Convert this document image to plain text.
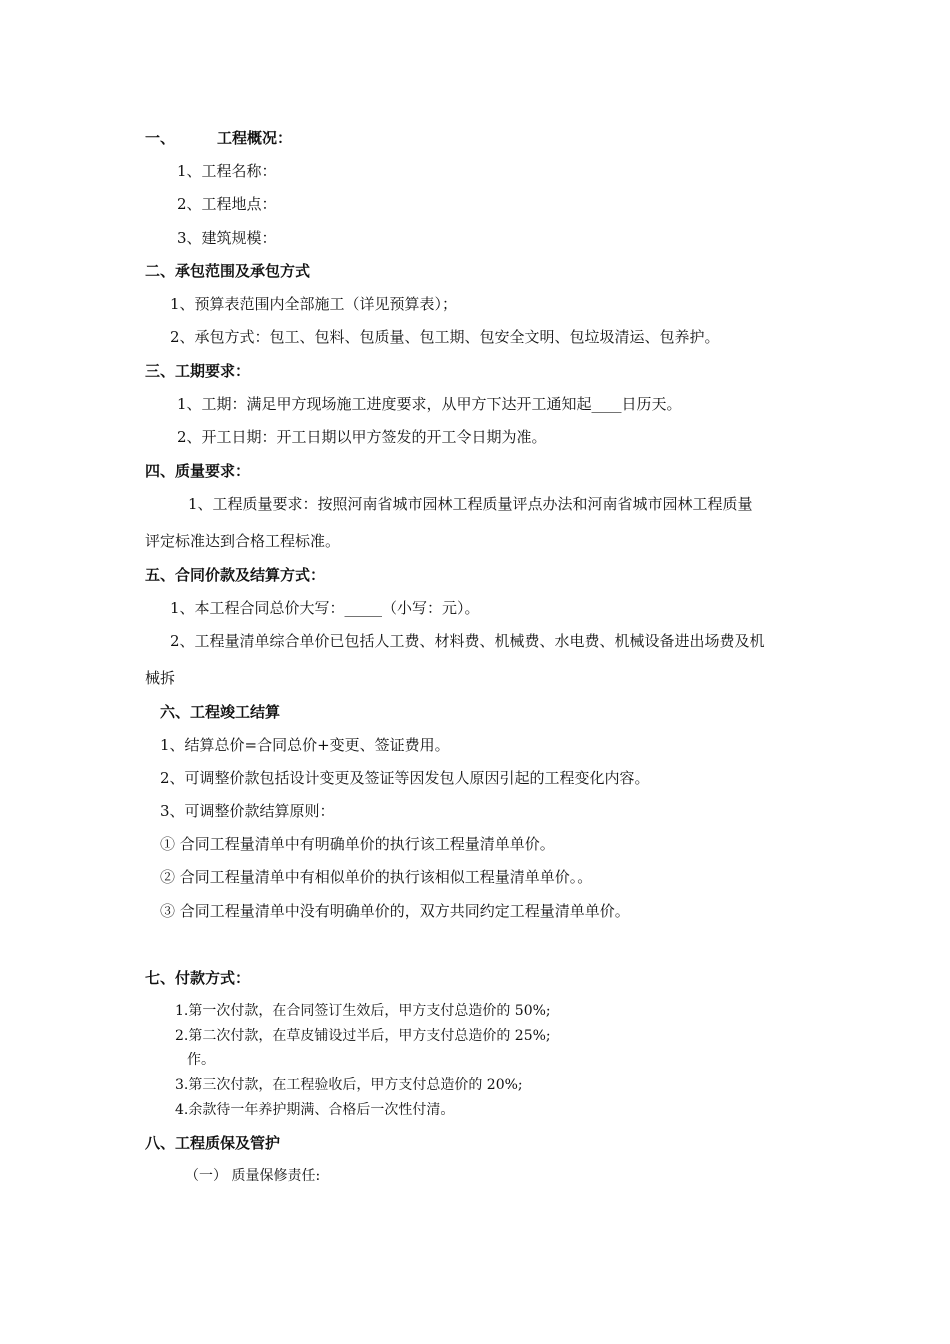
一、	工程概况：
1、工程名称：
2、工程地点：
3、建筑规模：
二、承包范围及承包方式
1、预算表范围内全部施工（详见预算表）；
2、承包方式：包工、包料、包质量、包工期、包安全文明、包垃圾清运、包养护。
三、工期要求：
1、工期：满足甲方现场施工进度要求，从甲方下达开工通知起____日历天。
2、开工日期：开工日期以甲方签发的开工令日期为准。
四、质量要求：
1、工程质量要求：按照河南省城市园林工程质量评点办法和河南省城市园林工程质量
评定标准达到合格工程标准。
五、合同价款及结算方式：
1、本工程合同总价大写：_____（小写：元）。
2、工程量清单综合单价已包括人工费、材料费、机械费、水电费、机械设备进出场费及机
械拆
六、工程竣工结算
1、结算总价=合同总价+变更、签证费用。
2、可调整价款包括设计变更及签证等因发包人原因引起的工程变化内容。
3、可调整价款结算原则：
① 合同工程量清单中有明确单价的执行该工程量清单单价。
② 合同工程量清单中有相似单价的执行该相似工程量清单单价。。
③ 合同工程量清单中没有明确单价的，双方共同约定工程量清单单价。
七、付款方式：
1.第一次付款，在合同签订生效后，甲方支付总造价的 50%;
2.第二次付款，在草皮铺设过半后，甲方支付总造价的 25%;
作。
3.第三次付款，在工程验收后，甲方支付总造价的 20%;
4.余款待一年养护期满、合格后一次性付清。
八、工程质保及管护
（一） 质量保修责任:
